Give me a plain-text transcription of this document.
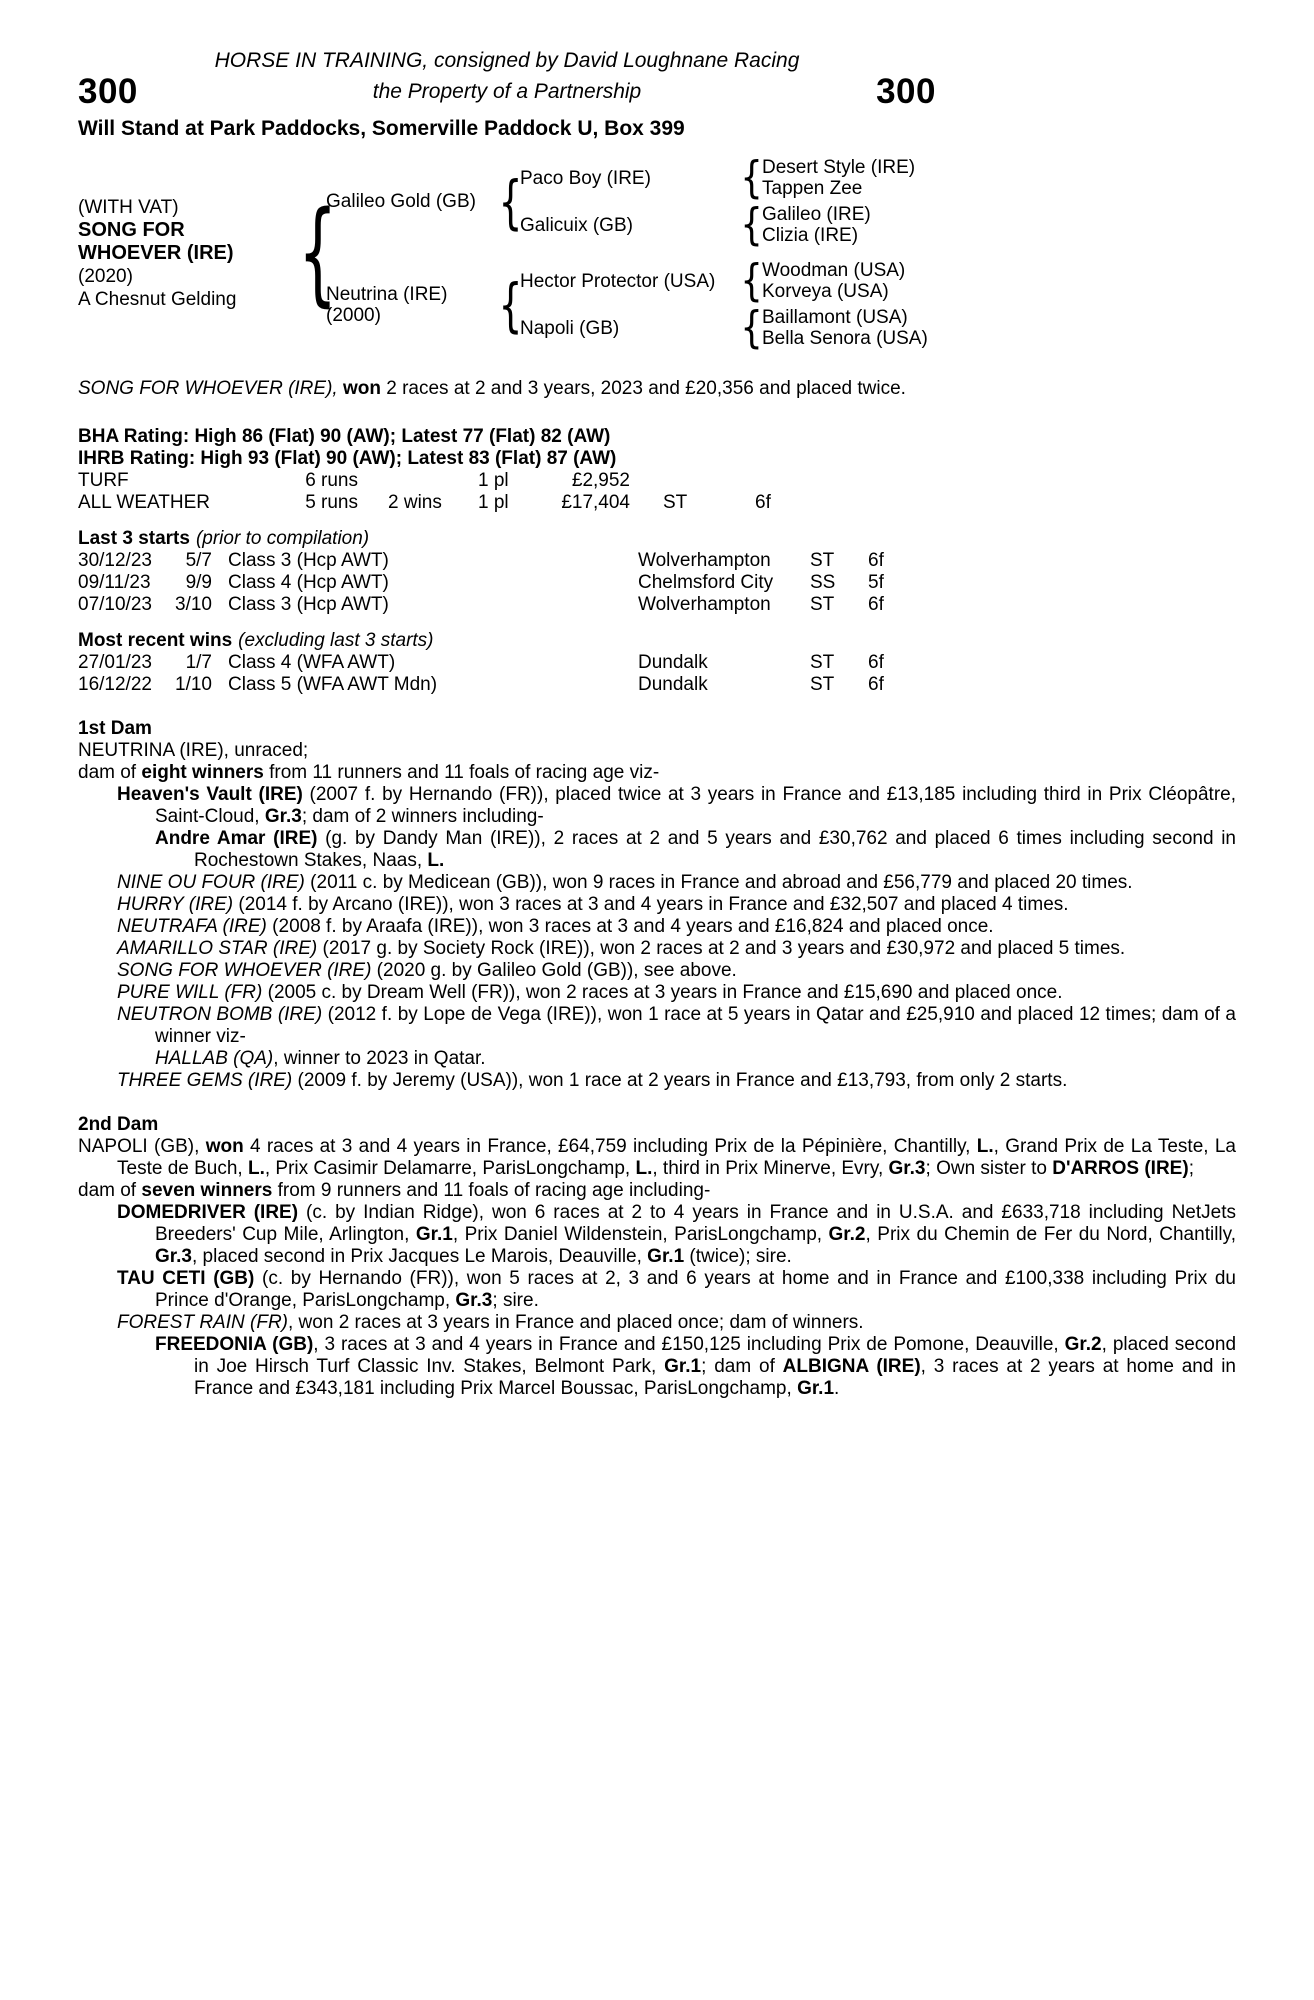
HORSE IN TRAINING, consigned by David Loughnane Racing
300	the Property of a Partnership	300
Will Stand at Park Paddocks, Somerville Paddock U, Box 399
(WITH VAT)
SONG FOR WHOEVER (IRE)
(2020)
A Chesnut Gelding
{
Galileo Gold (GB)
{
Paco Boy (IRE) {	Desert Style (IRE)
Tappen Zee
Galicuix (GB) {	Galileo (IRE)
Clizia (IRE)
Neutrina (IRE)
(2000)
{
Hector Protector (USA) {	Woodman (USA)
Korveya (USA)
Napoli (GB) {	Baillamont (USA)
Bella Senora (USA)

SONG FOR WHOEVER (IRE), won 2 races at 2 and 3 years, 2023 and £20,356 and placed twice.

BHA Rating: High 86 (Flat) 90 (AW); Latest 77 (Flat) 82 (AW)
IHRB Rating: High 93 (Flat) 90 (AW); Latest 83 (Flat) 87 (AW)
TURF	6 runs	1 pl	£2,952
ALL WEATHER	5 runs	2 wins	1 pl	£17,404	ST	6f
Last 3 starts (prior to compilation)
30/12/23	5/7 Class 3 (Hcp AWT)	Wolverhampton	ST	6f
09/11/23	9/9 Class 4 (Hcp AWT)	Chelmsford City	SS	5f
07/10/23	3/10 Class 3 (Hcp AWT)	Wolverhampton	ST	6f
Most recent wins (excluding last 3 starts)
27/01/23	1/7 Class 4 (WFA AWT)	Dundalk	ST	6f
16/12/22	1/10 Class 5 (WFA AWT Mdn)	Dundalk	ST	6f
1st Dam
NEUTRINA (IRE), unraced;
dam of eight winners from 11 runners and 11 foals of racing age viz-
Heaven's Vault (IRE) (2007 f. by Hernando (FR)), placed twice at 3 years in France and £13,185 including third in Prix Cléopâtre, Saint-Cloud, Gr.3; dam of 2 winners including-
Andre Amar (IRE) (g. by Dandy Man (IRE)), 2 races at 2 and 5 years and £30,762 and placed 6 times including second in Rochestown Stakes, Naas, L.
NINE OU FOUR (IRE) (2011 c. by Medicean (GB)), won 9 races in France and abroad and £56,779 and placed 20 times.
HURRY (IRE) (2014 f. by Arcano (IRE)), won 3 races at 3 and 4 years in France and £32,507 and placed 4 times.
NEUTRAFA (IRE) (2008 f. by Araafa (IRE)), won 3 races at 3 and 4 years and £16,824 and placed once.
AMARILLO STAR (IRE) (2017 g. by Society Rock (IRE)), won 2 races at 2 and 3 years and £30,972 and placed 5 times.
SONG FOR WHOEVER (IRE) (2020 g. by Galileo Gold (GB)), see above.
PURE WILL (FR) (2005 c. by Dream Well (FR)), won 2 races at 3 years in France and £15,690 and placed once.
NEUTRON BOMB (IRE) (2012 f. by Lope de Vega (IRE)), won 1 race at 5 years in Qatar and £25,910 and placed 12 times; dam of a winner viz-
HALLAB (QA), winner to 2023 in Qatar.
THREE GEMS (IRE) (2009 f. by Jeremy (USA)), won 1 race at 2 years in France and £13,793, from only 2 starts.
2nd Dam
NAPOLI (GB), won 4 races at 3 and 4 years in France, £64,759 including Prix de la Pépinière, Chantilly, L., Grand Prix de La Teste, La Teste de Buch, L., Prix Casimir Delamarre, ParisLongchamp, L., third in Prix Minerve, Evry, Gr.3; Own sister to D'ARROS (IRE);
dam of seven winners from 9 runners and 11 foals of racing age including-
DOMEDRIVER (IRE) (c. by Indian Ridge), won 6 races at 2 to 4 years in France and in U.S.A. and £633,718 including NetJets Breeders' Cup Mile, Arlington, Gr.1, Prix Daniel Wildenstein, ParisLongchamp, Gr.2, Prix du Chemin de Fer du Nord, Chantilly, Gr.3, placed second in Prix Jacques Le Marois, Deauville, Gr.1 (twice); sire.
TAU CETI (GB) (c. by Hernando (FR)), won 5 races at 2, 3 and 6 years at home and in France and £100,338 including Prix du Prince d'Orange, ParisLongchamp, Gr.3; sire.
FOREST RAIN (FR), won 2 races at 3 years in France and placed once; dam of winners.
FREEDONIA (GB), 3 races at 3 and 4 years in France and £150,125 including Prix de Pomone, Deauville, Gr.2, placed second in Joe Hirsch Turf Classic Inv. Stakes, Belmont Park, Gr.1; dam of ALBIGNA (IRE), 3 races at 2 years at home and in France and £343,181 including Prix Marcel Boussac, ParisLongchamp, Gr.1.
